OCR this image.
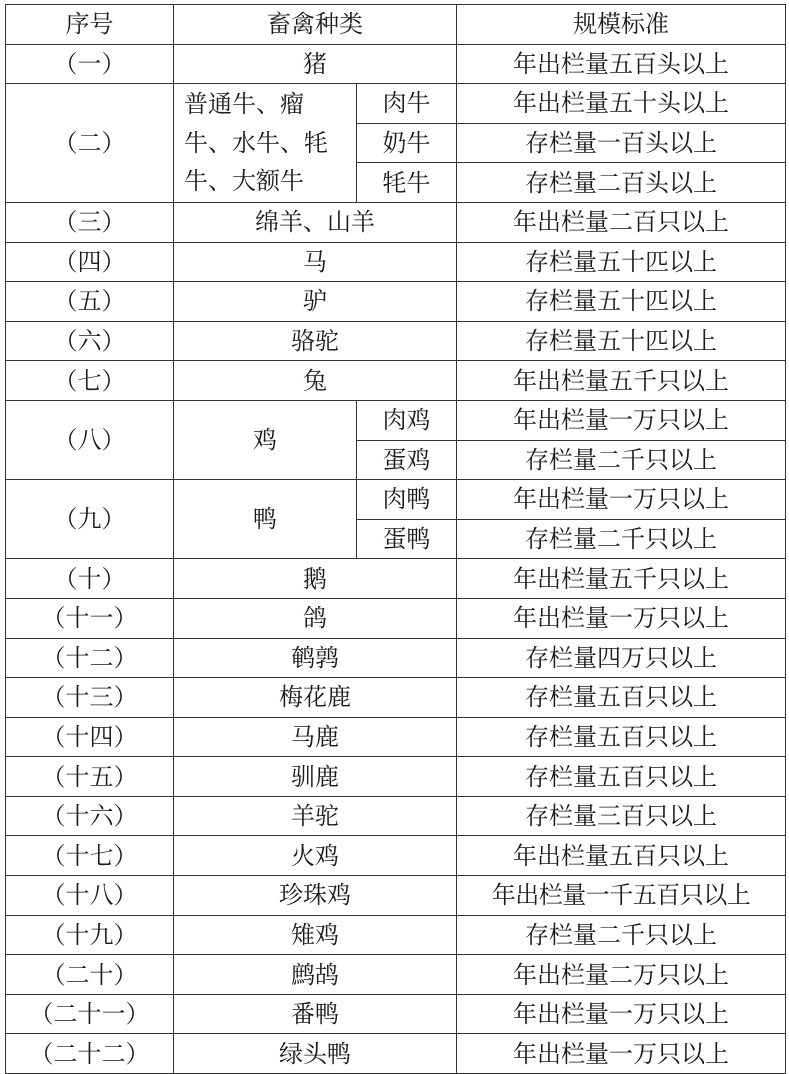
序号	畜禽种类		规模标准
（一）	猪		年出栏量五百头以上
（二）	普通牛、瘤牛、水牛、牦牛、大额牛	肉牛	年出栏量五十头以上
		奶牛	存栏量一百头以上
		牦牛	存栏量二百头以上
（三）	绵羊、山羊		年出栏量二百只以上
（四）	马		存栏量五十匹以上
（五）	驴		存栏量五十匹以上
（六）	骆驼		存栏量五十匹以上
（七）	兔		年出栏量五千只以上
（八）	鸡	肉鸡	年出栏量一万只以上
		蛋鸡	存栏量二千只以上
（九）	鸭	肉鸭	年出栏量一万只以上
		蛋鸭	存栏量二千只以上
（十）	鹅		年出栏量五千只以上
（十一）	鸽		年出栏量一万只以上
（十二）	鹌鹑		存栏量四万只以上
（十三）	梅花鹿		存栏量五百只以上
（十四）	马鹿		存栏量五百只以上
（十五）	驯鹿		存栏量五百只以上
（十六）	羊驼		存栏量三百只以上
（十七）	火鸡		年出栏量五百只以上
（十八）	珍珠鸡		年出栏量一千五百只以上
（十九）	雉鸡		存栏量二千只以上
（二十）	鹧鸪		年出栏量二万只以上
（二十一）	番鸭		年出栏量一万只以上
（二十二）	绿头鸭		年出栏量一万只以上
